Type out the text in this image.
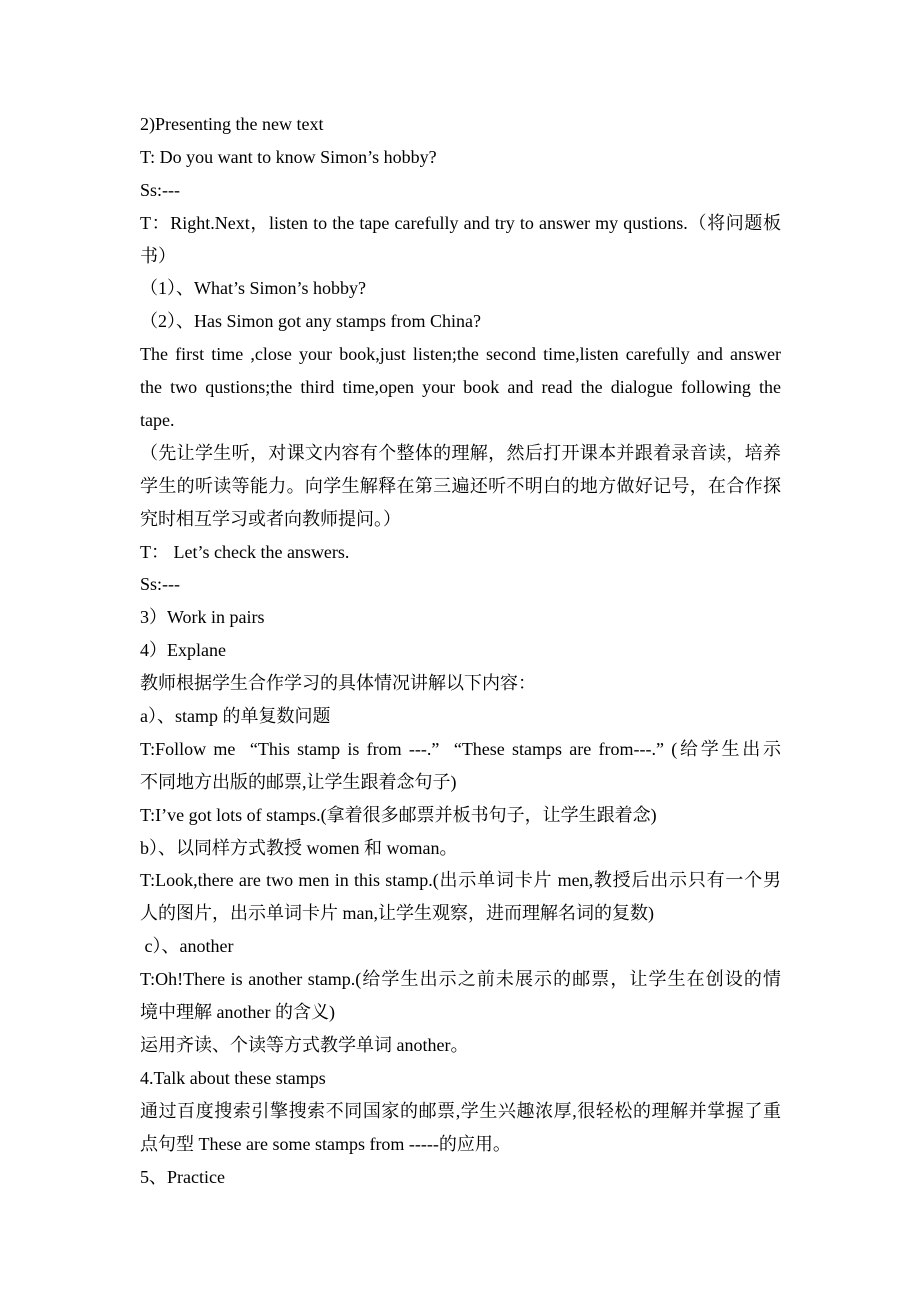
2)Presenting the new text
T: Do you want to know Simon’s hobby?
Ss:---
T：Right.Next，listen to the tape carefully and try to answer my qustions.（将问题板
书）
（1）、What’s Simon’s hobby?
（2）、Has Simon got any stamps from China?
The first time ,close your book,just listen;the second time,listen carefully and answer
the two qustions;the third time,open your book and read the dialogue following the
tape.
（先让学生听，对课文内容有个整体的理解，然后打开课本并跟着录音读，培养
学生的听读等能力。向学生解释在第三遍还听不明白的地方做好记号，在合作探
究时相互学习或者向教师提问。）
T： Let’s check the answers.
Ss:---
3）Work in pairs
4）Explane
教师根据学生合作学习的具体情况讲解以下内容：
a）、stamp 的单复数问题
T:Follow me  “This stamp is from ---.”  “These stamps are from---.” (给学生出示
不同地方出版的邮票,让学生跟着念句子)
T:I’ve got lots of stamps.(拿着很多邮票并板书句子，让学生跟着念)
b）、以同样方式教授 women 和 woman。
T:Look,there are two men in this stamp.(出示单词卡片 men,教授后出示只有一个男
人的图片，出示单词卡片 man,让学生观察，进而理解名词的复数)
c）、another
T:Oh!There is another stamp.(给学生出示之前未展示的邮票，让学生在创设的情
境中理解 another 的含义)
运用齐读、个读等方式教学单词 another。
4.Talk about these stamps
通过百度搜索引擎搜索不同国家的邮票,学生兴趣浓厚,很轻松的理解并掌握了重
点句型 These are some stamps from -----的应用。
5、Practice
